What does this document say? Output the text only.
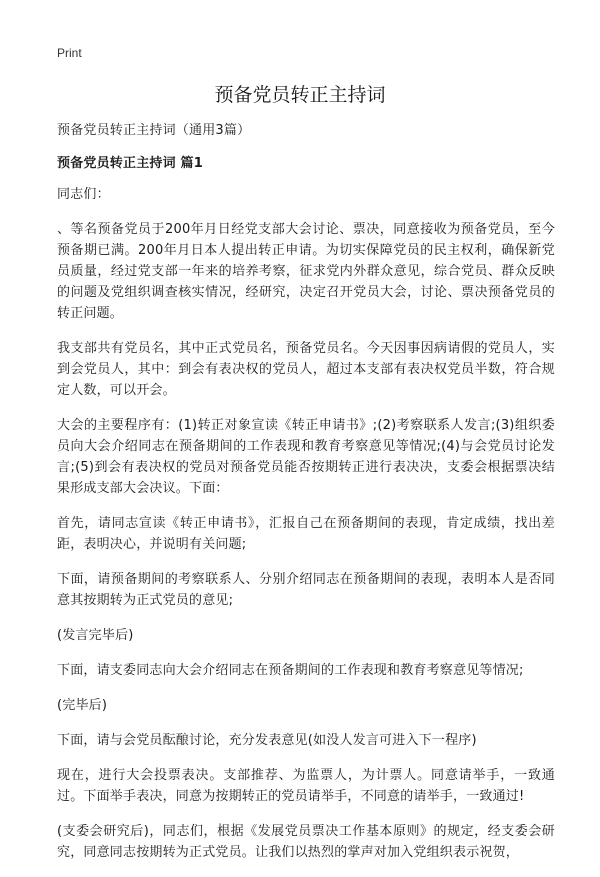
Print
预备党员转正主持词

预备党员转正主持词（通用3篇）

预备党员转正主持词 篇1

同志们：

、等名预备党员于200年月日经党支部大会讨论、票决，同意接收为预备党员，至今预备期已满。200年月日本人提出转正申请。为切实保障党员的民主权利，确保新党员质量，经过党支部一年来的培养考察，征求党内外群众意见，综合党员、群众反映的问题及党组织调查核实情况，经研究，决定召开党员大会，讨论、票决预备党员的转正问题。

我支部共有党员名，其中正式党员名，预备党员名。今天因事因病请假的党员人，实到会党员人，其中：到会有表决权的党员人，超过本支部有表决权党员半数，符合规定人数，可以开会。

大会的主要程序有：(1)转正对象宣读《转正申请书》;(2)考察联系人发言;(3)组织委员向大会介绍同志在预备期间的工作表现和教育考察意见等情况;(4)与会党员讨论发言;(5)到会有表决权的党员对预备党员能否按期转正进行表决决，支委会根据票决结果形成支部大会决议。下面：

首先，请同志宣读《转正申请书》，汇报自己在预备期间的表现，肯定成绩，找出差距，表明决心，并说明有关问题;

下面，请预备期间的考察联系人、分别介绍同志在预备期间的表现，表明本人是否同意其按期转为正式党员的意见;

(发言完毕后)

下面，请支委同志向大会介绍同志在预备期间的工作表现和教育考察意见等情况;

(完毕后)

下面，请与会党员酝酿讨论，充分发表意见(如没人发言可进入下一程序)

现在，进行大会投票表决。支部推荐、为监票人，为计票人。同意请举手，一致通过。下面举手表决，同意为按期转正的党员请举手，不同意的请举手，一致通过!

(支委会研究后)，同志们，根据《发展党员票决工作基本原则》的规定，经支委会研究，同意同志按期转为正式党员。让我们以热烈的掌声对加入党组织表示祝贺，
